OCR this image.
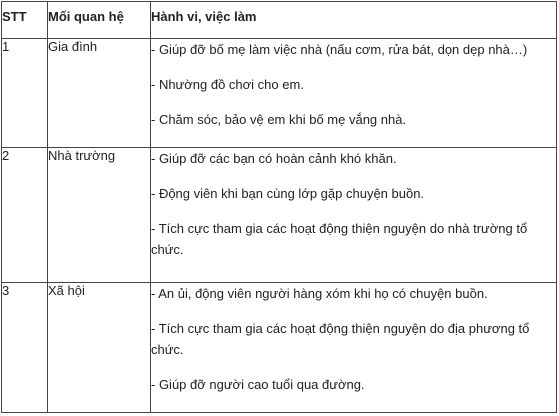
STT	Mối quan hệ	Hành vi, việc làm
1	Gia đình	- Giúp đỡ bố mẹ làm việc nhà (nấu cơm, rửa bát, dọn dẹp nhà…)

- Nhường đồ chơi cho em.

- Chăm sóc, bảo vệ em khi bố mẹ vắng nhà.

2	Nhà trường	- Giúp đỡ các bạn có hoàn cảnh khó khăn.

- Động viên khi bạn cùng lớp gặp chuyện buồn.

- Tích cực tham gia các hoạt động thiện nguyện do nhà trường tổ chức.

3	Xã hội	- An ủi, động viên người hàng xóm khi họ có chuyện buồn.

- Tích cực tham gia các hoạt động thiện nguyện do địa phương tổ chức.

- Giúp đỡ người cao tuổi qua đường.
